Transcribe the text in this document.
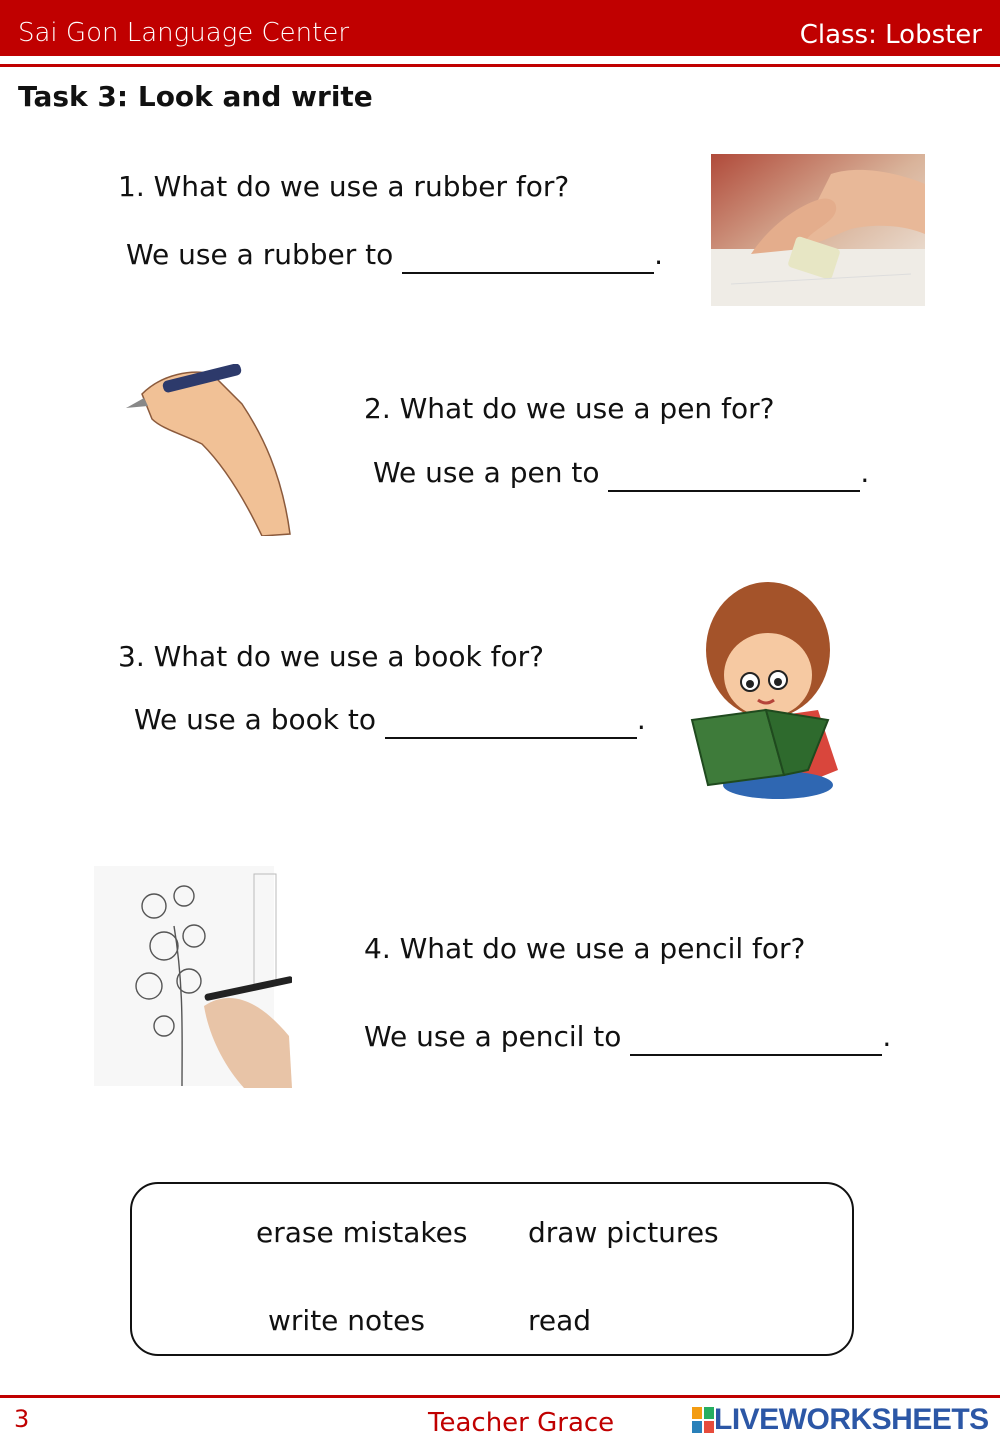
Sai Gon Language Center	Class: Lobster
Task 3: Look and write
1. What do we use a rubber for?
We use a rubber to	.
2. What do we use a pen for?
We use a pen to	.
3. What do we use a book for?
We use a book to	.
4. What do we use a pencil for?
We use a pencil to	.
erase mistakes draw pictures
write notes	read
3	Teacher Grace	LIVEWORKSHEETS
